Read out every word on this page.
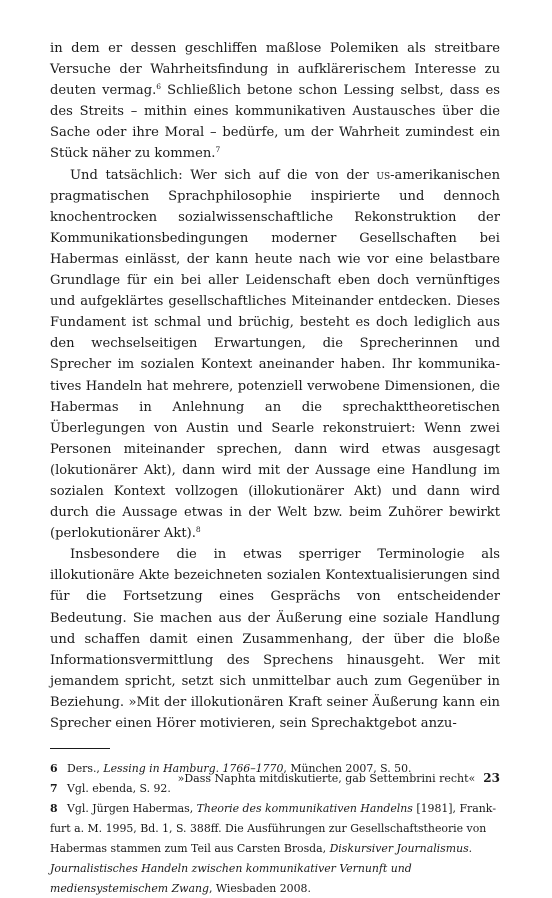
in dem er dessen geschliffen maßlose Polemiken als streitbare Versuche der Wahrheitsfindung in aufklärerischem Interesse zu deuten vermag.$^6$ Schließlich betone schon Lessing selbst, dass es des Streits – mithin eines kommunikativen Austausches über die Sache oder ihre Moral – bedürfe, um der Wahrheit zumindest ein Stück näher zu kommen.$^7$

Und tatsächlich: Wer sich auf die von der us-amerikanischen pragmatischen Sprachphilosophie inspirierte und dennoch knochentrocken sozialwissenschaftliche Rekonstruktion der Kommunikationsbedingungen moderner Gesellschaften bei Habermas einlässt, der kann heute nach wie vor eine belastbare Grundlage für ein bei aller Leidenschaft eben doch vernünftiges und aufgeklärtes gesellschaftliches Miteinander entdecken. Dieses Fundament ist schmal und brüchig, besteht es doch lediglich aus den wechselseitigen Erwartungen, die Sprecherinnen und Sprecher im sozialen Kontext aneinander haben. Ihr kommunikatives Handeln hat mehrere, potenziell verwobene Dimensionen, die Habermas in Anlehnung an die sprechakttheoretischen Überlegungen von Austin und Searle rekonstruiert: Wenn zwei Personen miteinander sprechen, dann wird etwas ausgesagt (lokutionärer Akt), dann wird mit der Aussage eine Handlung im sozialen Kontext vollzogen (illokutionärer Akt) und dann wird durch die Aussage etwas in der Welt bzw. beim Zuhörer bewirkt (perlokutionärer Akt).$^8$

Insbesondere die in etwas sperriger Terminologie als illokutionäre Akte bezeichneten sozialen Kontextualisierungen sind für die Fortsetzung eines Gesprächs von entscheidender Bedeutung. Sie machen aus der Äußerung eine soziale Handlung und schaffen damit einen Zusammenhang, der über die bloße Informationsvermittlung des Sprechens hinausgeht. Wer mit jemandem spricht, setzt sich unmittelbar auch zum Gegenüber in Beziehung. »Mit der illokutionären Kraft seiner Äußerung kann ein Sprecher einen Hörer motivieren, sein Sprechaktgebot anzu-

6 Ders., Lessing in Hamburg. 1766–1770, München 2007, S. 50.

7 Vgl. ebenda, S. 92.

8 Vgl. Jürgen Habermas, Theorie des kommunikativen Handelns [1981], Frankfurt a. M. 1995, Bd. 1, S. 388ff. Die Ausführungen zur Gesellschaftstheorie von Habermas stammen zum Teil aus Carsten Brosda, Diskursiver Journalismus. Journalistisches Handeln zwischen kommunikativer Vernunft und mediensystemischem Zwang, Wiesbaden 2008.

»Dass Naphta mitdiskutierte, gab Settembrini recht« 23
